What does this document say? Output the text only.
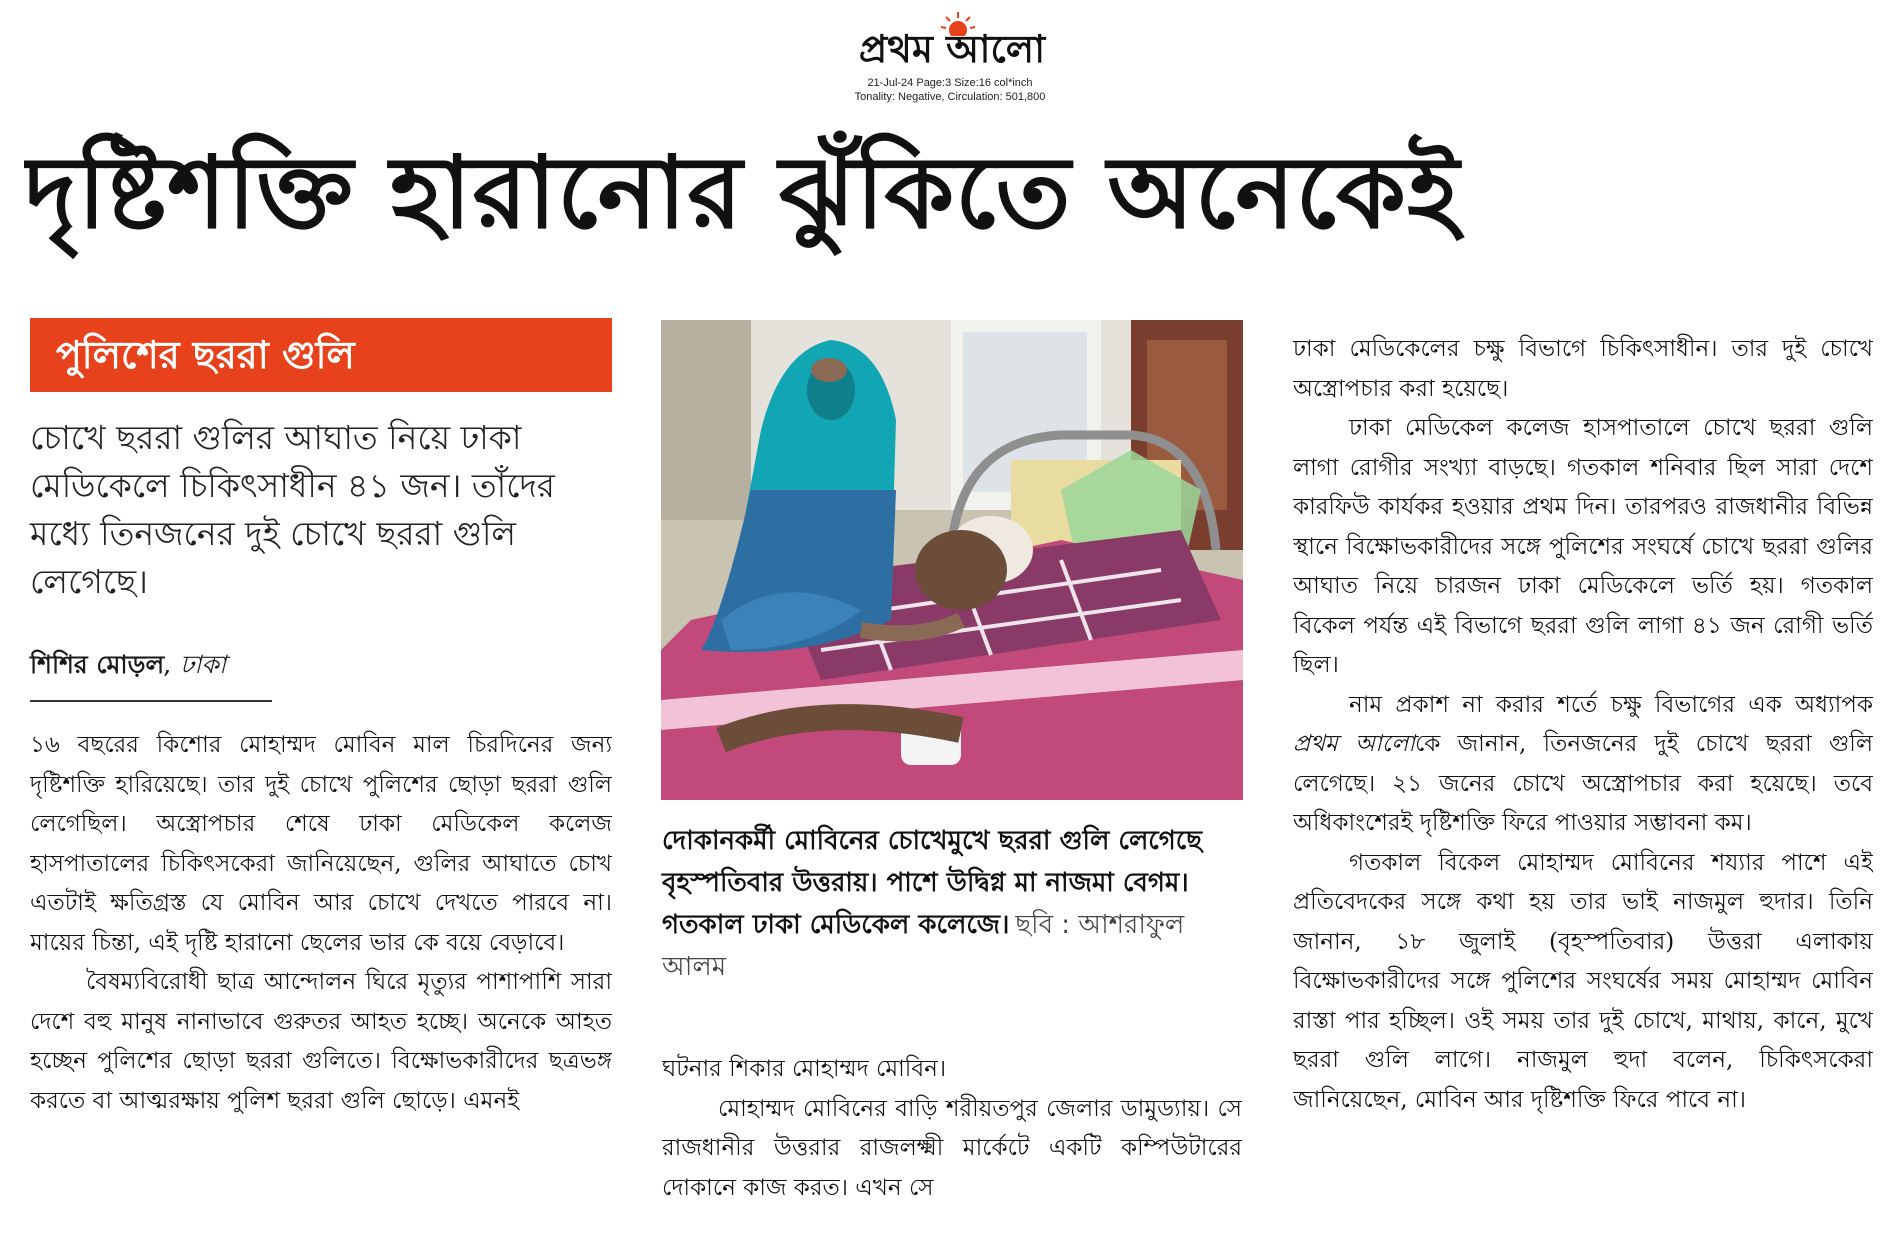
প্রথম আলো
21-Jul-24 Page:3 Size:16 col*inch
Tonality: Negative, Circulation: 501,800
দৃষ্টিশক্তি হারানোর ঝুঁকিতে অনেকেই
পুলিশের ছররা গুলি

চোখে ছররা গুলির আঘাত নিয়ে ঢাকা মেডিকেলে চিকিৎসাধীন ৪১ জন। তাঁদের মধ্যে তিনজনের দুই চোখে ছররা গুলি লেগেছে।

শিশির মোড়ল, ঢাকা

১৬ বছরের কিশোর মোহাম্মদ মোবিন মাল চিরদিনের জন্য দৃষ্টিশক্তি হারিয়েছে। তার দুই চোখে পুলিশের ছোড়া ছররা গুলি লেগেছিল। অস্ত্রোপচার শেষে ঢাকা মেডিকেল কলেজ হাসপাতালের চিকিৎসকেরা জানিয়েছেন, গুলির আঘাতে চোখ এতটাই ক্ষতিগ্রস্ত যে মোবিন আর চোখে দেখতে পারবে না। মায়ের চিন্তা, এই দৃষ্টি হারানো ছেলের ভার কে বয়ে বেড়াবে।

বৈষম্যবিরোধী ছাত্র আন্দোলন ঘিরে মৃত্যুর পাশাপাশি সারা দেশে বহু মানুষ নানাভাবে গুরুতর আহত হচ্ছে। অনেকে আহত হচ্ছেন পুলিশের ছোড়া ছররা গুলিতে। বিক্ষোভকারীদের ছত্রভঙ্গ করতে বা আত্মরক্ষায় পুলিশ ছররা গুলি ছোড়ে। এমনই

দোকানকর্মী মোবিনের চোখেমুখে ছররা গুলি লেগেছে বৃহস্পতিবার উত্তরায়। পাশে উদ্বিগ্ন মা নাজমা বেগম। গতকাল ঢাকা মেডিকেল কলেজে। ছবি : আশরাফুল আলম

ঘটনার শিকার মোহাম্মদ মোবিন।

মোহাম্মদ মোবিনের বাড়ি শরীয়তপুর জেলার ডামুড্যায়। সে রাজধানীর উত্তরার রাজলক্ষ্মী মার্কেটে একটি কম্পিউটারের দোকানে কাজ করত। এখন সে

ঢাকা মেডিকেলের চক্ষু বিভাগে চিকিৎসাধীন। তার দুই চোখে অস্ত্রোপচার করা হয়েছে।

ঢাকা মেডিকেল কলেজ হাসপাতালে চোখে ছররা গুলি লাগা রোগীর সংখ্যা বাড়ছে। গতকাল শনিবার ছিল সারা দেশে কারফিউ কার্যকর হওয়ার প্রথম দিন। তারপরও রাজধানীর বিভিন্ন স্থানে বিক্ষোভকারীদের সঙ্গে পুলিশের সংঘর্ষে চোখে ছররা গুলির আঘাত নিয়ে চারজন ঢাকা মেডিকেলে ভর্তি হয়। গতকাল বিকেল পর্যন্ত এই বিভাগে ছররা গুলি লাগা ৪১ জন রোগী ভর্তি ছিল।

নাম প্রকাশ না করার শর্তে চক্ষু বিভাগের এক অধ্যাপক প্রথম আলোকে জানান, তিনজনের দুই চোখে ছররা গুলি লেগেছে। ২১ জনের চোখে অস্ত্রোপচার করা হয়েছে। তবে অধিকাংশেরই দৃষ্টিশক্তি ফিরে পাওয়ার সম্ভাবনা কম।

গতকাল বিকেল মোহাম্মদ মোবিনের শয্যার পাশে এই প্রতিবেদকের সঙ্গে কথা হয় তার ভাই নাজমুল হুদার। তিনি জানান, ১৮ জুলাই (বৃহস্পতিবার) উত্তরা এলাকায় বিক্ষোভকারীদের সঙ্গে পুলিশের সংঘর্ষের সময় মোহাম্মদ মোবিন রাস্তা পার হচ্ছিল। ওই সময় তার দুই চোখে, মাথায়, কানে, মুখে ছররা গুলি লাগে। নাজমুল হুদা বলেন, চিকিৎসকেরা জানিয়েছেন, মোবিন আর দৃষ্টিশক্তি ফিরে পাবে না।
